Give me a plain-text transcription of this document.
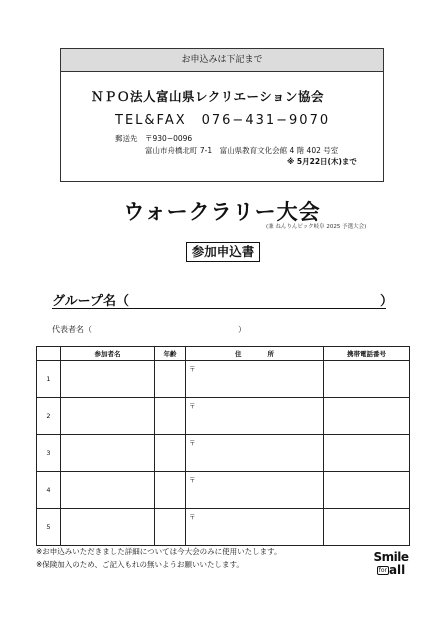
お申込みは下記まで
ＮＰＯ法人富山県レクリエーション協会
TEL&FAX　076−431−9070
郵送先 〒930−0096
富山市舟橋北町 7-1　富山県教育文化会館 4 階 402 号室
※ 5月22日(木)まで
ウォークラリー大会
(兼 ねんりんピック岐阜 2025 予選大会)
参加申込書
グループ名（	）
代表者名（	）
	参加者名	年齢	住　　　　所	携帯電話番号
1			〒	
2			〒	
3			〒	
4			〒	
5			〒	
※お申込みいただきました詳細については今大会のみに使用いたします。
※保険加入のため、ご記入もれの無いようお願いいたします。
Smile
for all
